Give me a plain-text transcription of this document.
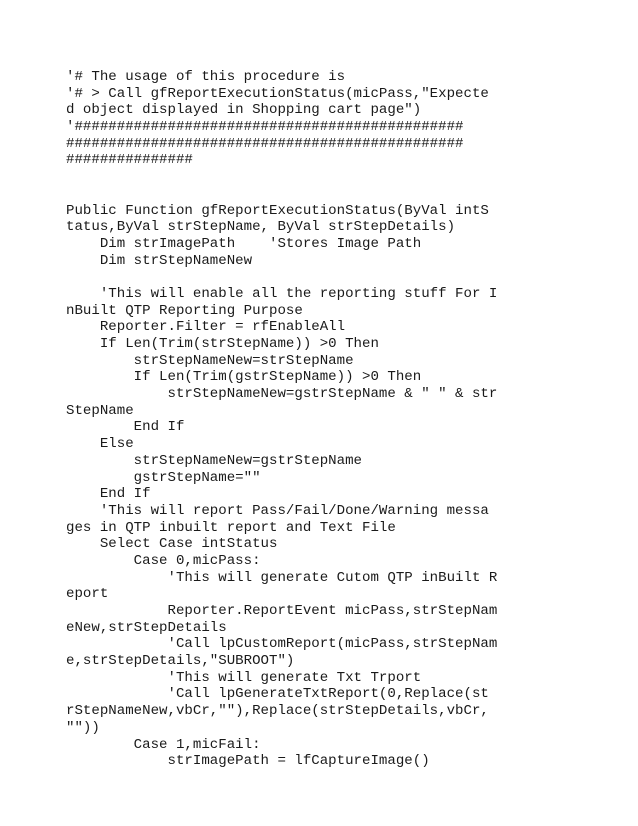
'# The usage of this procedure is
'# > Call gfReportExecutionStatus(micPass,"Expecte
d object displayed in Shopping cart page")
'##############################################
###############################################
###############
Public Function gfReportExecutionStatus(ByVal intS
tatus,ByVal strStepName, ByVal strStepDetails)
Dim strImagePath    'Stores Image Path
Dim strStepNameNew
'This will enable all the reporting stuff For I
nBuilt QTP Reporting Purpose
Reporter.Filter = rfEnableAll
If Len(Trim(strStepName)) >0 Then
strStepNameNew=strStepName
If Len(Trim(gstrStepName)) >0 Then
strStepNameNew=gstrStepName & " " & str
StepName
End If
Else
strStepNameNew=gstrStepName
gstrStepName=""
End If
'This will report Pass/Fail/Done/Warning messa
ges in QTP inbuilt report and Text File
Select Case intStatus
Case 0,micPass:
'This will generate Cutom QTP inBuilt R
eport
Reporter.ReportEvent micPass,strStepNam
eNew,strStepDetails
'Call lpCustomReport(micPass,strStepNam
e,strStepDetails,"SUBROOT")
'This will generate Txt Trport
'Call lpGenerateTxtReport(0,Replace(st
rStepNameNew,vbCr,""),Replace(strStepDetails,vbCr,
""))
Case 1,micFail:
strImagePath = lfCaptureImage()
